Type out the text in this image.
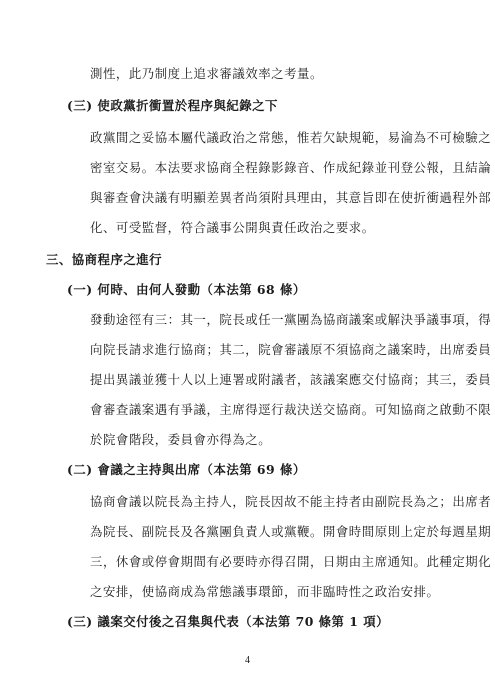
測性，此乃制度上追求審議效率之考量。
(三) 使政黨折衝置於程序與紀錄之下
政黨間之妥協本屬代議政治之常態，惟若欠缺規範，易淪為不可檢驗之
密室交易。本法要求協商全程錄影錄音、作成紀錄並刊登公報，且結論
與審查會決議有明顯差異者尚須附具理由，其意旨即在使折衝過程外部
化、可受監督，符合議事公開與責任政治之要求。
三、協商程序之進行
(一) 何時、由何人發動（本法第 68 條）
發動途徑有三：其一，院長或任一黨團為協商議案或解決爭議事項，得
向院長請求進行協商；其二，院會審議原不須協商之議案時，出席委員
提出異議並獲十人以上連署或附議者，該議案應交付協商；其三，委員
會審查議案遇有爭議，主席得逕行裁決送交協商。可知協商之啟動不限
於院會階段，委員會亦得為之。
(二) 會議之主持與出席（本法第 69 條）
協商會議以院長為主持人，院長因故不能主持者由副院長為之；出席者
為院長、副院長及各黨團負責人或黨鞭。開會時間原則上定於每週星期
三，休會或停會期間有必要時亦得召開，日期由主席通知。此種定期化
之安排，使協商成為常態議事環節，而非臨時性之政治安排。
(三) 議案交付後之召集與代表（本法第 70 條第 1 項）
4
